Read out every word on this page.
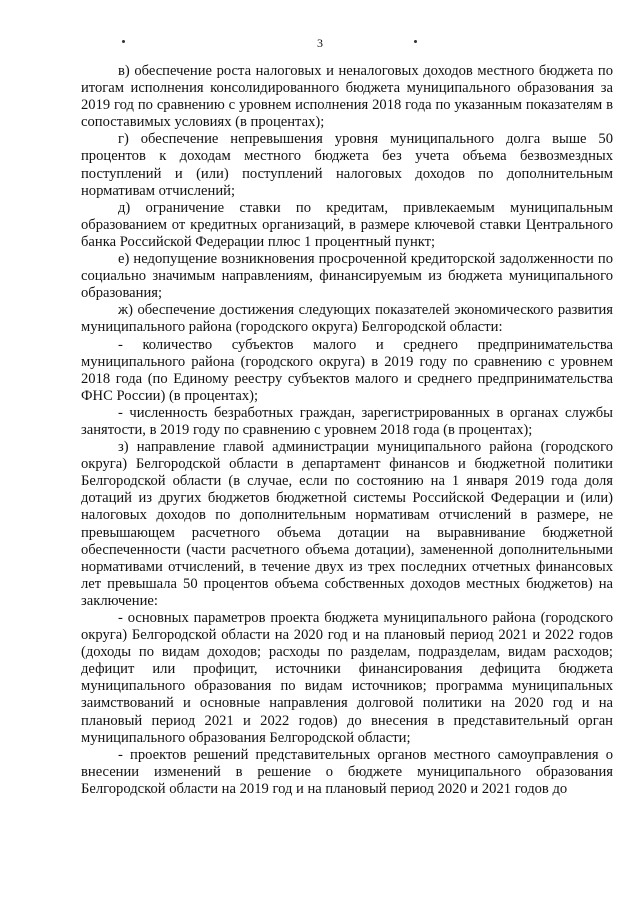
3

в) обеспечение роста налоговых и неналоговых доходов местного бюджета по итогам исполнения консолидированного бюджета муниципального образования за 2019 год по сравнению с уровнем исполнения 2018 года по указанным показателям в сопоставимых условиях (в процентах);

г) обеспечение непревышения уровня муниципального долга выше 50 процентов к доходам местного бюджета без учета объема безвозмездных поступлений и (или) поступлений налоговых доходов по дополнительным нормативам отчислений;

д) ограничение ставки по кредитам, привлекаемым муниципальным образованием от кредитных организаций, в размере ключевой ставки Центрального банка Российской Федерации плюс 1 процентный пункт;

е) недопущение возникновения просроченной кредиторской задолженности по социально значимым направлениям, финансируемым из бюджета муниципального образования;

ж) обеспечение достижения следующих показателей экономического развития муниципального района (городского округа) Белгородской области:

- количество субъектов малого и среднего предпринимательства муниципального района (городского округа) в 2019 году по сравнению с уровнем 2018 года (по Единому реестру субъектов малого и среднего предпринимательства ФНС России) (в процентах);

- численность безработных граждан, зарегистрированных в органах службы занятости, в 2019 году по сравнению с уровнем 2018 года (в процентах);

з) направление главой администрации муниципального района (городского округа) Белгородской области в департамент финансов и бюджетной политики Белгородской области (в случае, если по состоянию на 1 января 2019 года доля дотаций из других бюджетов бюджетной системы Российской Федерации и (или) налоговых доходов по дополнительным нормативам отчислений в размере, не превышающем расчетного объема дотации на выравнивание бюджетной обеспеченности (части расчетного объема дотации), замененной дополнительными нормативами отчислений, в течение двух из трех последних отчетных финансовых лет превышала 50 процентов объема собственных доходов местных бюджетов) на заключение:

- основных параметров проекта бюджета муниципального района (городского округа) Белгородской области на 2020 год и на плановый период 2021 и 2022 годов (доходы по видам доходов; расходы по разделам, подразделам, видам расходов; дефицит или профицит, источники финансирования дефицита бюджета муниципального образования по видам источников; программа муниципальных заимствований и основные направления долговой политики на 2020 год и на плановый период 2021 и 2022 годов) до внесения в представительный орган муниципального образования Белгородской области;

- проектов решений представительных органов местного самоуправления о внесении изменений в решение о бюджете муниципального образования Белгородской области на 2019 год и на плановый период 2020 и 2021 годов до
